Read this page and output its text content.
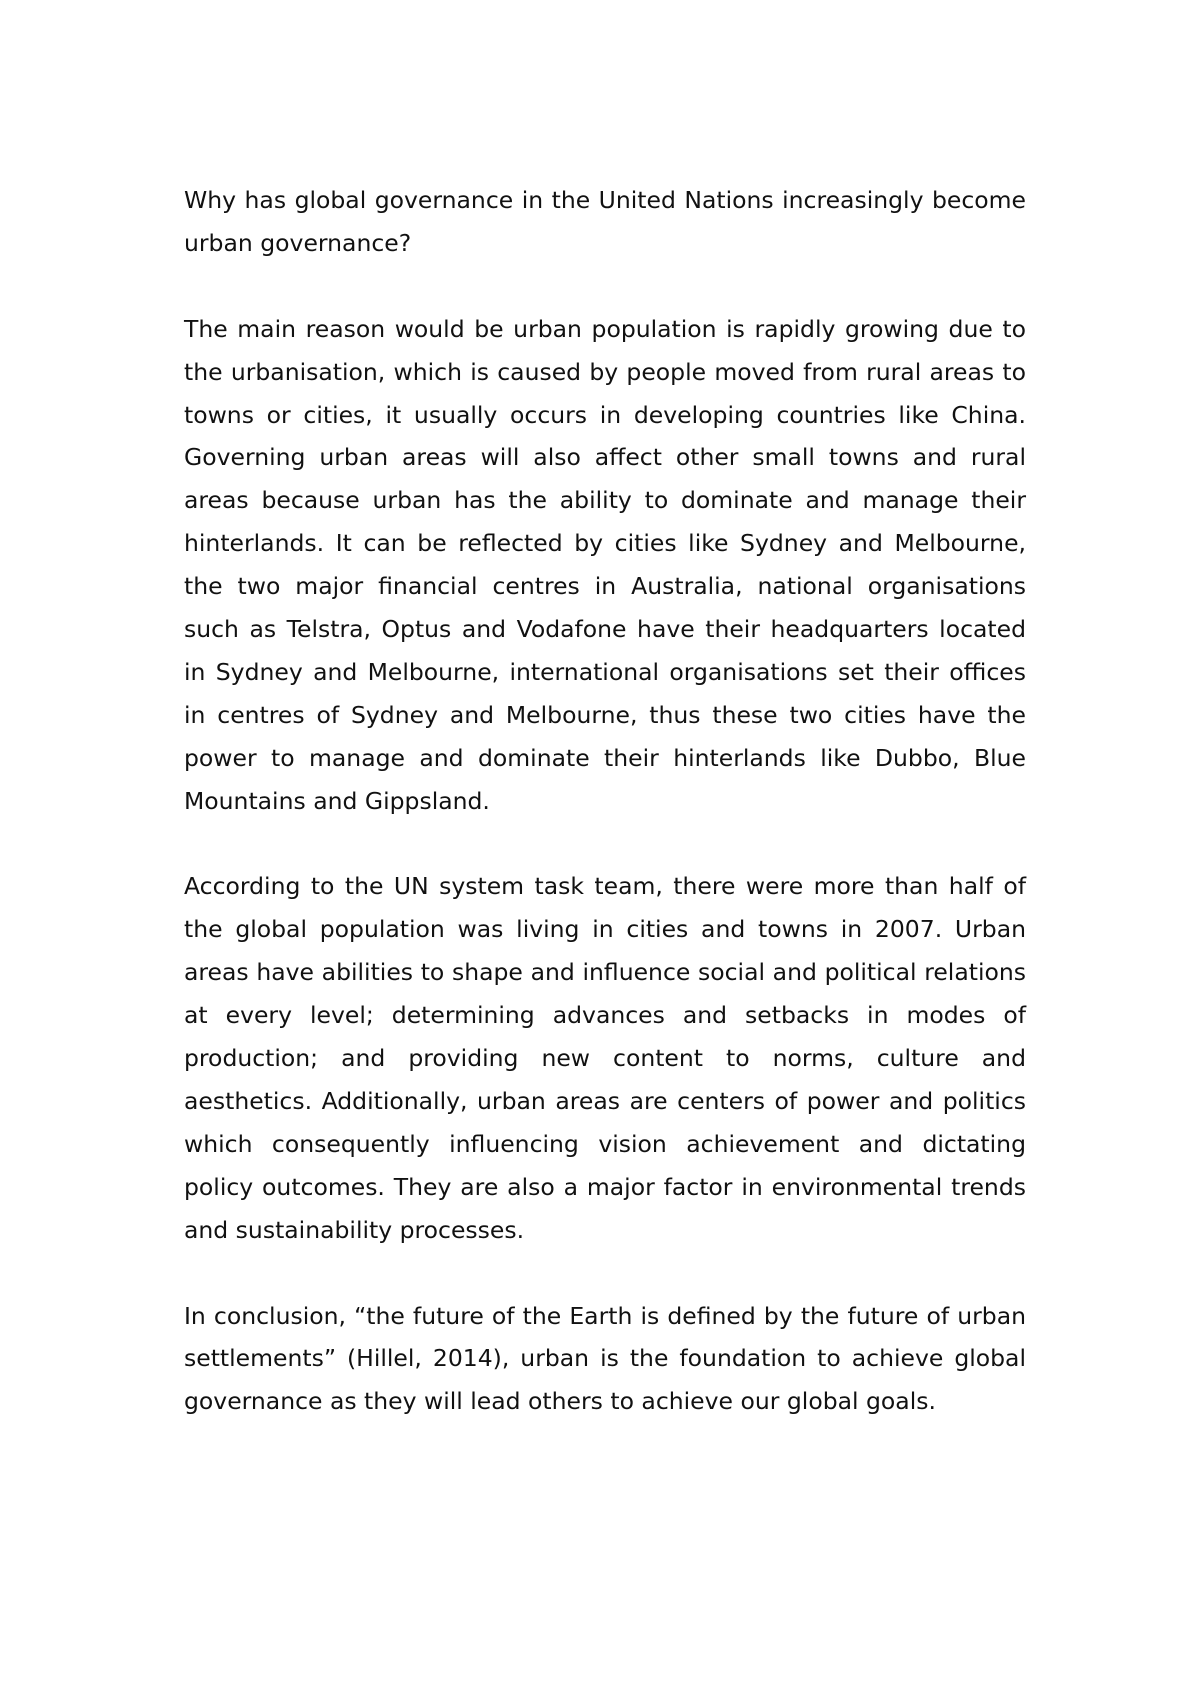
Why has global governance in the United Nations increasingly become urban governance?

The main reason would be urban population is rapidly growing due to the urbanisation, which is caused by people moved from rural areas to towns or cities, it usually occurs in developing countries like China. Governing urban areas will also affect other small towns and rural areas because urban has the ability to dominate and manage their hinterlands. It can be reflected by cities like Sydney and Melbourne, the two major financial centres in Australia, national organisations such as Telstra, Optus and Vodafone have their headquarters located in Sydney and Melbourne, international organisations set their offices in centres of Sydney and Melbourne, thus these two cities have the power to manage and dominate their hinterlands like Dubbo, Blue Mountains and Gippsland.

According to the UN system task team, there were more than half of the global population was living in cities and towns in 2007. Urban areas have abilities to shape and influence social and political relations at every level; determining advances and setbacks in modes of production; and providing new content to norms, culture and aesthetics. Additionally, urban areas are centers of power and politics which consequently influencing vision achievement and dictating policy outcomes. They are also a major factor in environmental trends and sustainability processes.

In conclusion, “the future of the Earth is defined by the future of urban settlements” (Hillel, 2014), urban is the foundation to achieve global governance as they will lead others to achieve our global goals.
